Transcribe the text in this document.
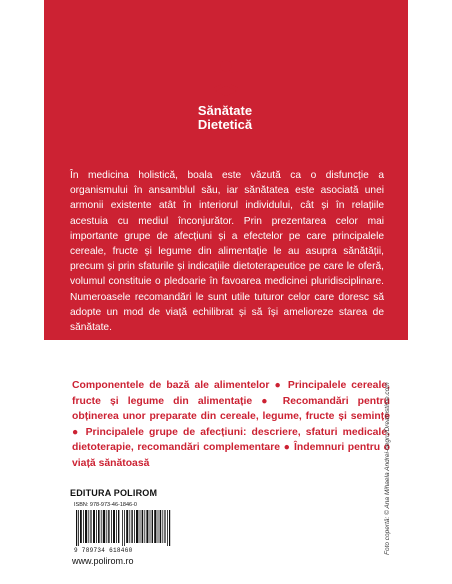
Sănătate
Dietetică
În medicina holistică, boala este văzută ca o disfuncție a organismului în ansamblul său, iar sănătatea este asociată unei armonii existente atât în interiorul individului, cât și în relațiile acestuia cu mediul înconjurător. Prin prezentarea celor mai importante grupe de afecțiuni și a efectelor pe care principalele cereale, fructe și legume din alimentație le au asupra sănătății, precum și prin sfaturile și indicațiile dietoterapeutice pe care le oferă, volumul constituie o pledoarie în favoarea medicinei pluridisciplinare. Numeroasele recomandări le sunt utile tuturor celor care doresc să adopte un mod de viață echilibrat și să își amelioreze starea de sănătate.
Componentele de bază ale alimentelor ● Principalele cereale, fructe și legume din alimentație ● Recomandări pentru obținerea unor preparate din cereale, legume, fructe și semințe ● Principalele grupe de afecțiuni: descriere, sfaturi medicale, dietoterapie, recomandări complementare ● Îndemnuri pentru o viață sănătoasă
EDITURA POLIROM
ISBN: 978-973-46-1846-0
9 789734 618460
www.polirom.ro
Foto copertă: © Ana Mihaela Andrei-negru/Dreamstime.com
